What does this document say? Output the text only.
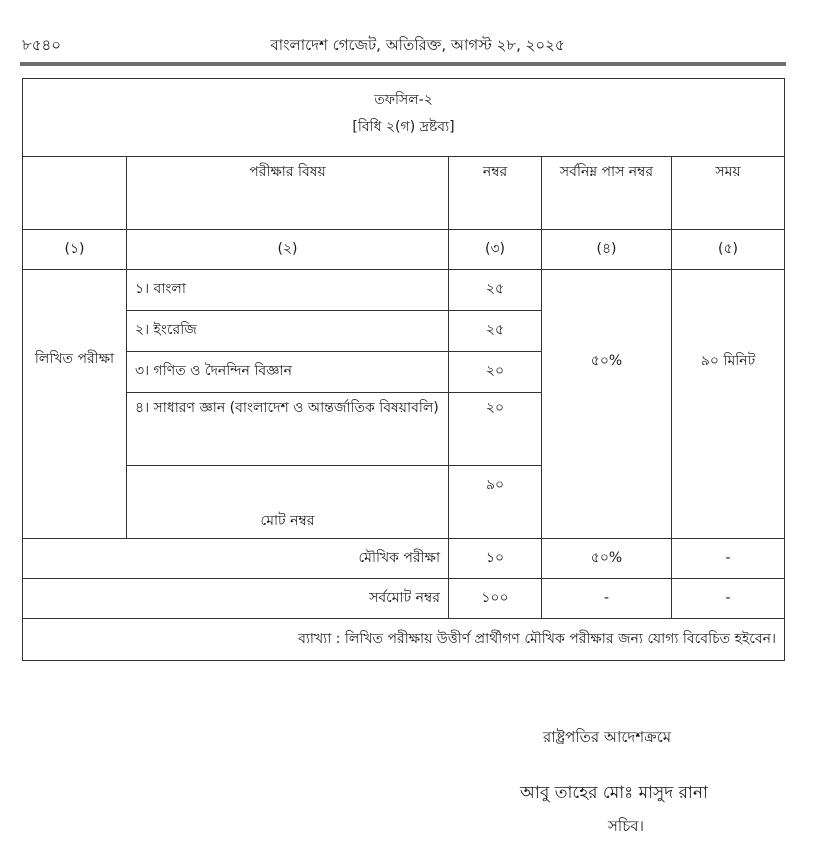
৮৫৪০	বাংলাদেশ গেজেট, অতিরিক্ত, আগস্ট ২৮, ২০২৫
তফসিল-২
[বিধি ২(গ) দ্রষ্টব্য]				

	পরীক্ষার বিষয়	নম্বর	সর্বনিম্ন পাস নম্বর	সময়
(১)	(২)	(৩)	(৪)	(৫)
লিখিত পরীক্ষা	১। বাংলা	২৫	৫০%	৯০ মিনিট
	২। ইংরেজি	২৫		
	৩। গণিত ও দৈনন্দিন বিজ্ঞান	২০		
	৪। সাধারণ জ্ঞান (বাংলাদেশ ও আন্তর্জাতিক বিষয়াবলি)	২০		
	মোট নম্বর	৯০		
মৌখিক পরীক্ষা		১০	৫০%	-
সর্বমোট নম্বর		১০০	-	-
ব্যাখ্যা : লিখিত পরীক্ষায় উত্তীর্ণ প্রার্থীগণ মৌখিক পরীক্ষার জন্য যোগ্য বিবেচিত হইবেন।				
রাষ্ট্রপতির আদেশক্রমে
আবু তাহের মোঃ মাসুদ রানা
সচিব।
